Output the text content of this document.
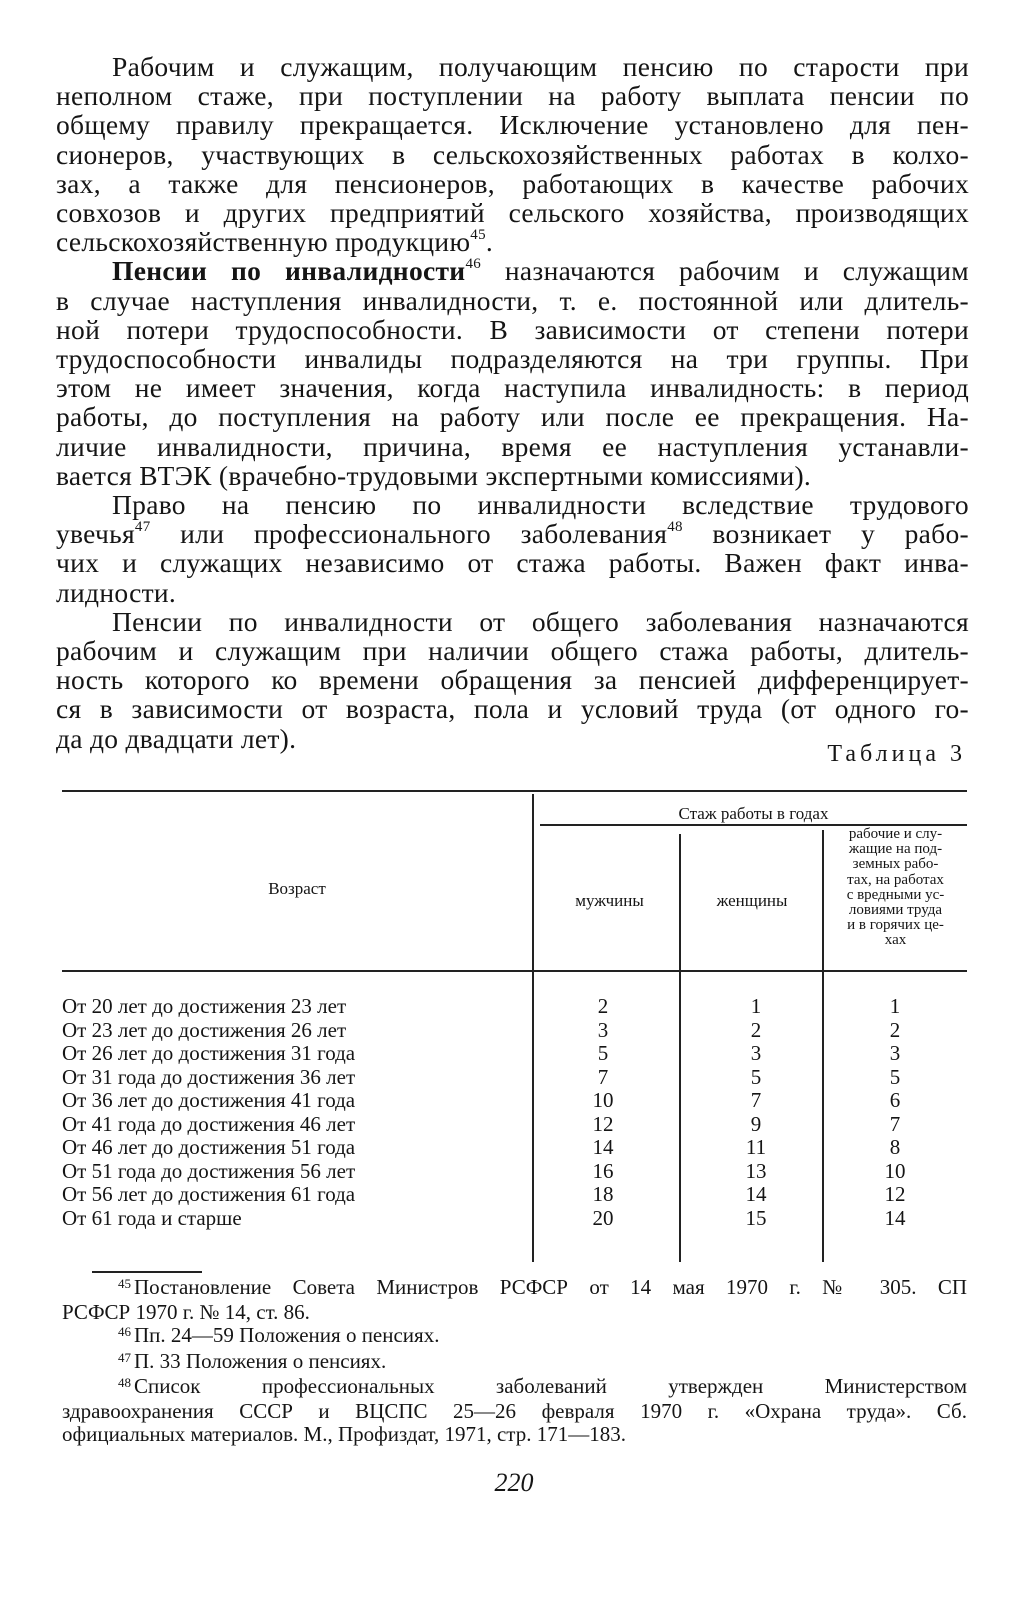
Рабочим и служащим, получающим пенсию по старости при
неполном стаже, при поступлении на работу выплата пенсии по
общему правилу прекращается. Исключение установлено для пен-
сионеров, участвующих в сельскохозяйственных работах в колхо-
зах, а также для пенсионеров, работающих в качестве рабочих
совхозов и других предприятий сельского хозяйства, производящих
сельскохозяйственную продукцию$^{45}$.
Пенсии по инвалидности$^{46}$ назначаются рабочим и служащим
в случае наступления инвалидности, т. е. постоянной или длитель-
ной потери трудоспособности. В зависимости от степени потери
трудоспособности инвалиды подразделяются на три группы. При
этом не имеет значения, когда наступила инвалидность: в период
работы, до поступления на работу или после ее прекращения. На-
личие инвалидности, причина, время ее наступления устанавли-
вается ВТЭК (врачебно-трудовыми экспертными комиссиями).
Право на пенсию по инвалидности вследствие трудового
увечья$^{47}$ или профессионального заболевания$^{48}$ возникает у рабо-
чих и служащих независимо от стажа работы. Важен факт инва-
лидности.
Пенсии по инвалидности от общего заболевания назначаются
рабочим и служащим при наличии общего стажа работы, длитель-
ность которого ко времени обращения за пенсией дифференцирует-
ся в зависимости от возраста, пола и условий труда (от одного го-
да до двадцати лет).
Таблица 3
Возраст
Стаж работы в годах
мужчины	женщины
рабочие и слу-
жащие на под-
земных рабо-
тах, на работах
с вредными ус-
ловиями труда
и в горячих це-
хах
От 20 лет до достижения 23 лет	2	1	1
От 23 лет до достижения 26 лет	3	2	2
От 26 лет до достижения 31 года	5	3	3
От 31 года до достижения 36 лет	7	5	5
От 36 лет до достижения 41 года	10	7	6
От 41 года до достижения 46 лет	12	9	7
От 46 лет до достижения 51 года	14	11	8
От 51 года до достижения 56 лет	16	13	10
От 56 лет до достижения 61 года	18	14	12
От 61 года и старше	20	15	14
$^{45}$ Постановление Совета Министров РСФСР от 14 мая 1970 г. № 305. СП
РСФСР 1970 г. № 14, ст. 86.
$^{46}$ Пп. 24—59 Положения о пенсиях.
$^{47}$ П. 33 Положения о пенсиях.
$^{48}$ Список профессиональных заболеваний утвержден Министерством
здравоохранения СССР и ВЦСПС 25—26 февраля 1970 г. «Охрана труда». Сб.
официальных материалов. М., Профиздат, 1971, стр. 171—183.
220
